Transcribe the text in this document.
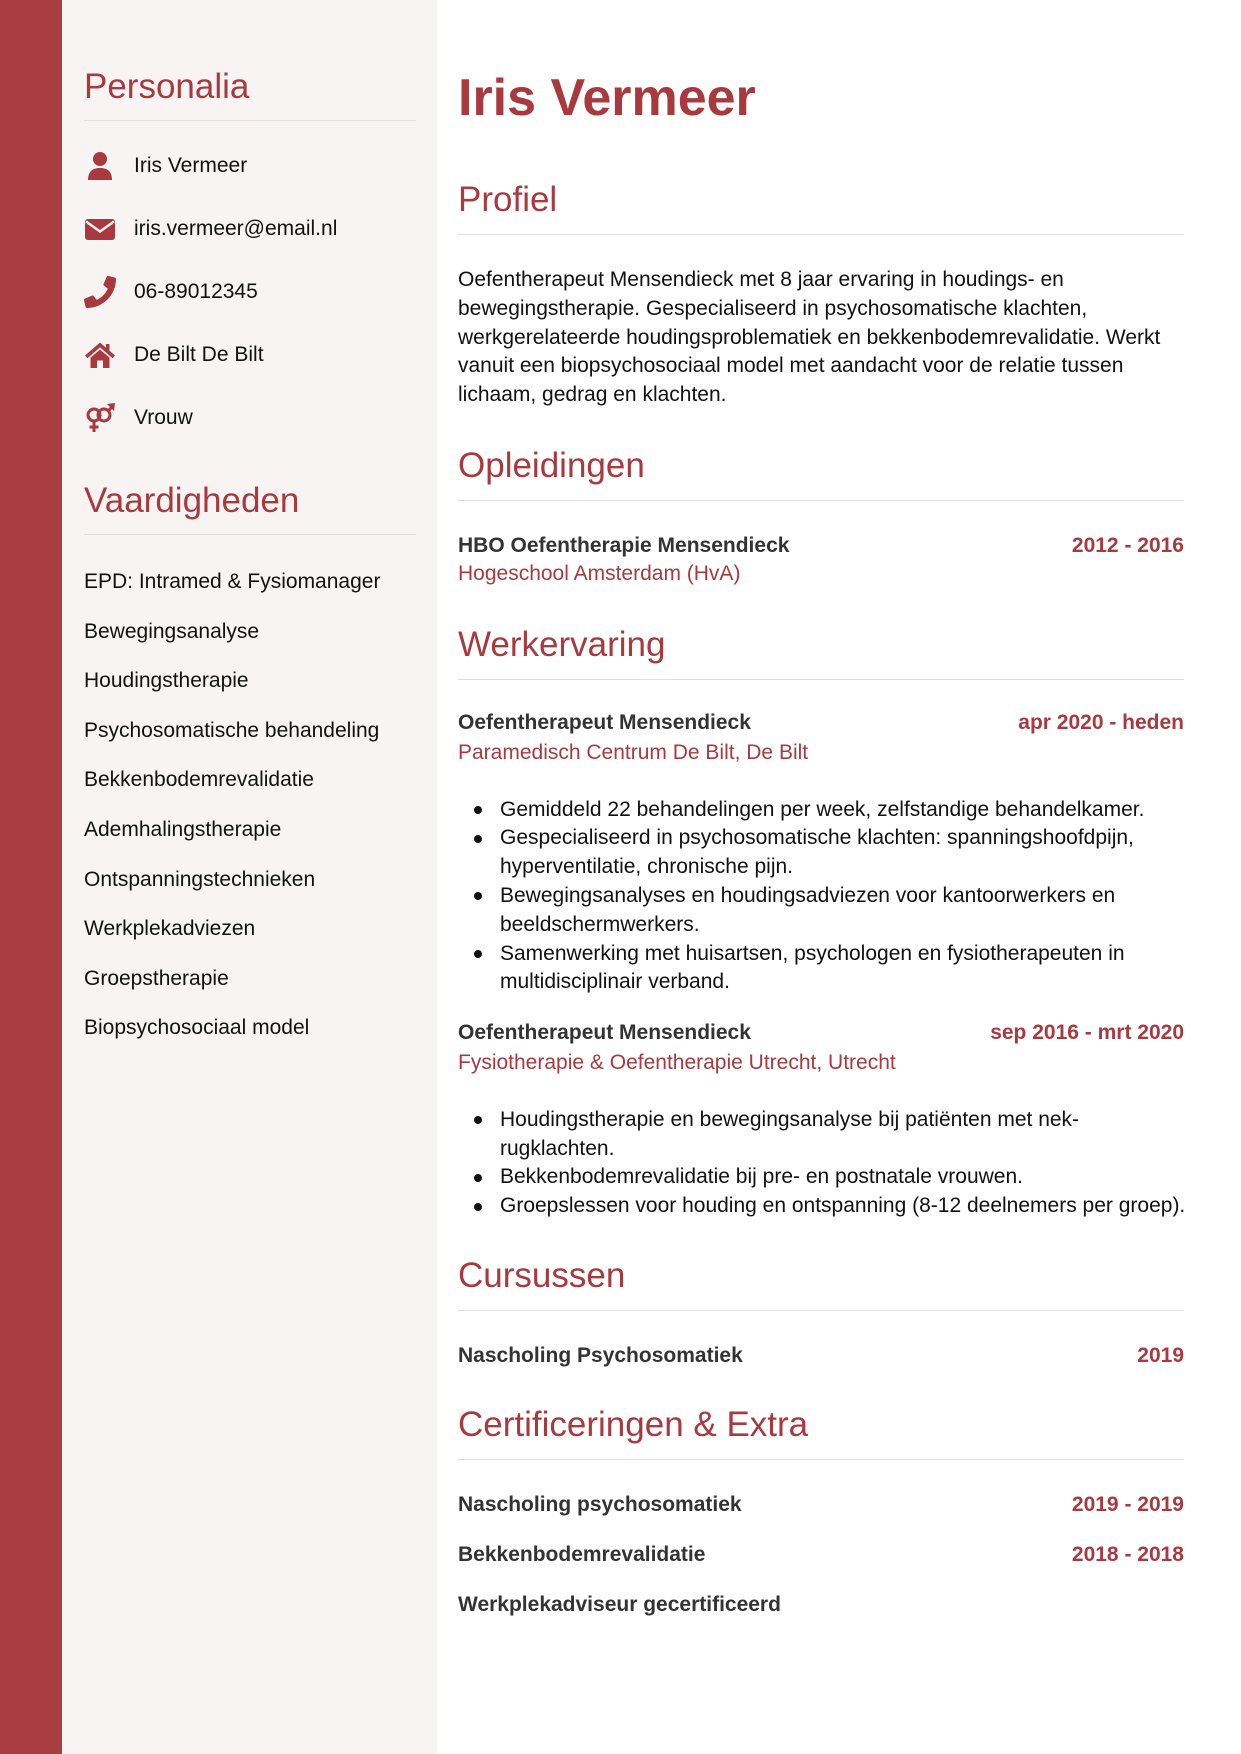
Personalia
Iris Vermeer
iris.vermeer@email.nl
06-89012345
De Bilt De Bilt
Vrouw
Vaardigheden
EPD: Intramed & Fysiomanager
Bewegingsanalyse
Houdingstherapie
Psychosomatische behandeling
Bekkenbodemrevalidatie
Ademhalingstherapie
Ontspanningstechnieken
Werkplekadviezen
Groepstherapie
Biopsychosociaal model
Iris Vermeer
Profiel

Oefentherapeut Mensendieck met 8 jaar ervaring in houdings- en bewegingstherapie. Gespecialiseerd in psychosomatische klachten, werkgerelateerde houdingsproblematiek en bekkenbodemrevalidatie. Werkt vanuit een biopsychosociaal model met aandacht voor de relatie tussen lichaam, gedrag en klachten.

Opleidingen
HBO Oefentherapie Mensendieck	2012 - 2016
Hogeschool Amsterdam (HvA)
Werkervaring
Oefentherapeut Mensendieck	apr 2020 - heden
Paramedisch Centrum De Bilt, De Bilt
Gemiddeld 22 behandelingen per week, zelfstandige behandelkamer.
Gespecialiseerd in psychosomatische klachten: spanningshoofdpijn, hyperventilatie, chronische pijn.
Bewegingsanalyses en houdingsadviezen voor kantoorwerkers en beeldschermwerkers.
Samenwerking met huisartsen, psychologen en fysiotherapeuten in multidisciplinair verband.
Oefentherapeut Mensendieck	sep 2016 - mrt 2020
Fysiotherapie & Oefentherapie Utrecht, Utrecht
Houdingstherapie en bewegingsanalyse bij patiënten met nek-rugklachten.
Bekkenbodemrevalidatie bij pre- en postnatale vrouwen.
Groepslessen voor houding en ontspanning (8-12 deelnemers per groep).
Cursussen
Nascholing Psychosomatiek	2019
Certificeringen & Extra
Nascholing psychosomatiek	2019 - 2019
Bekkenbodemrevalidatie	2018 - 2018
Werkplekadviseur gecertificeerd
